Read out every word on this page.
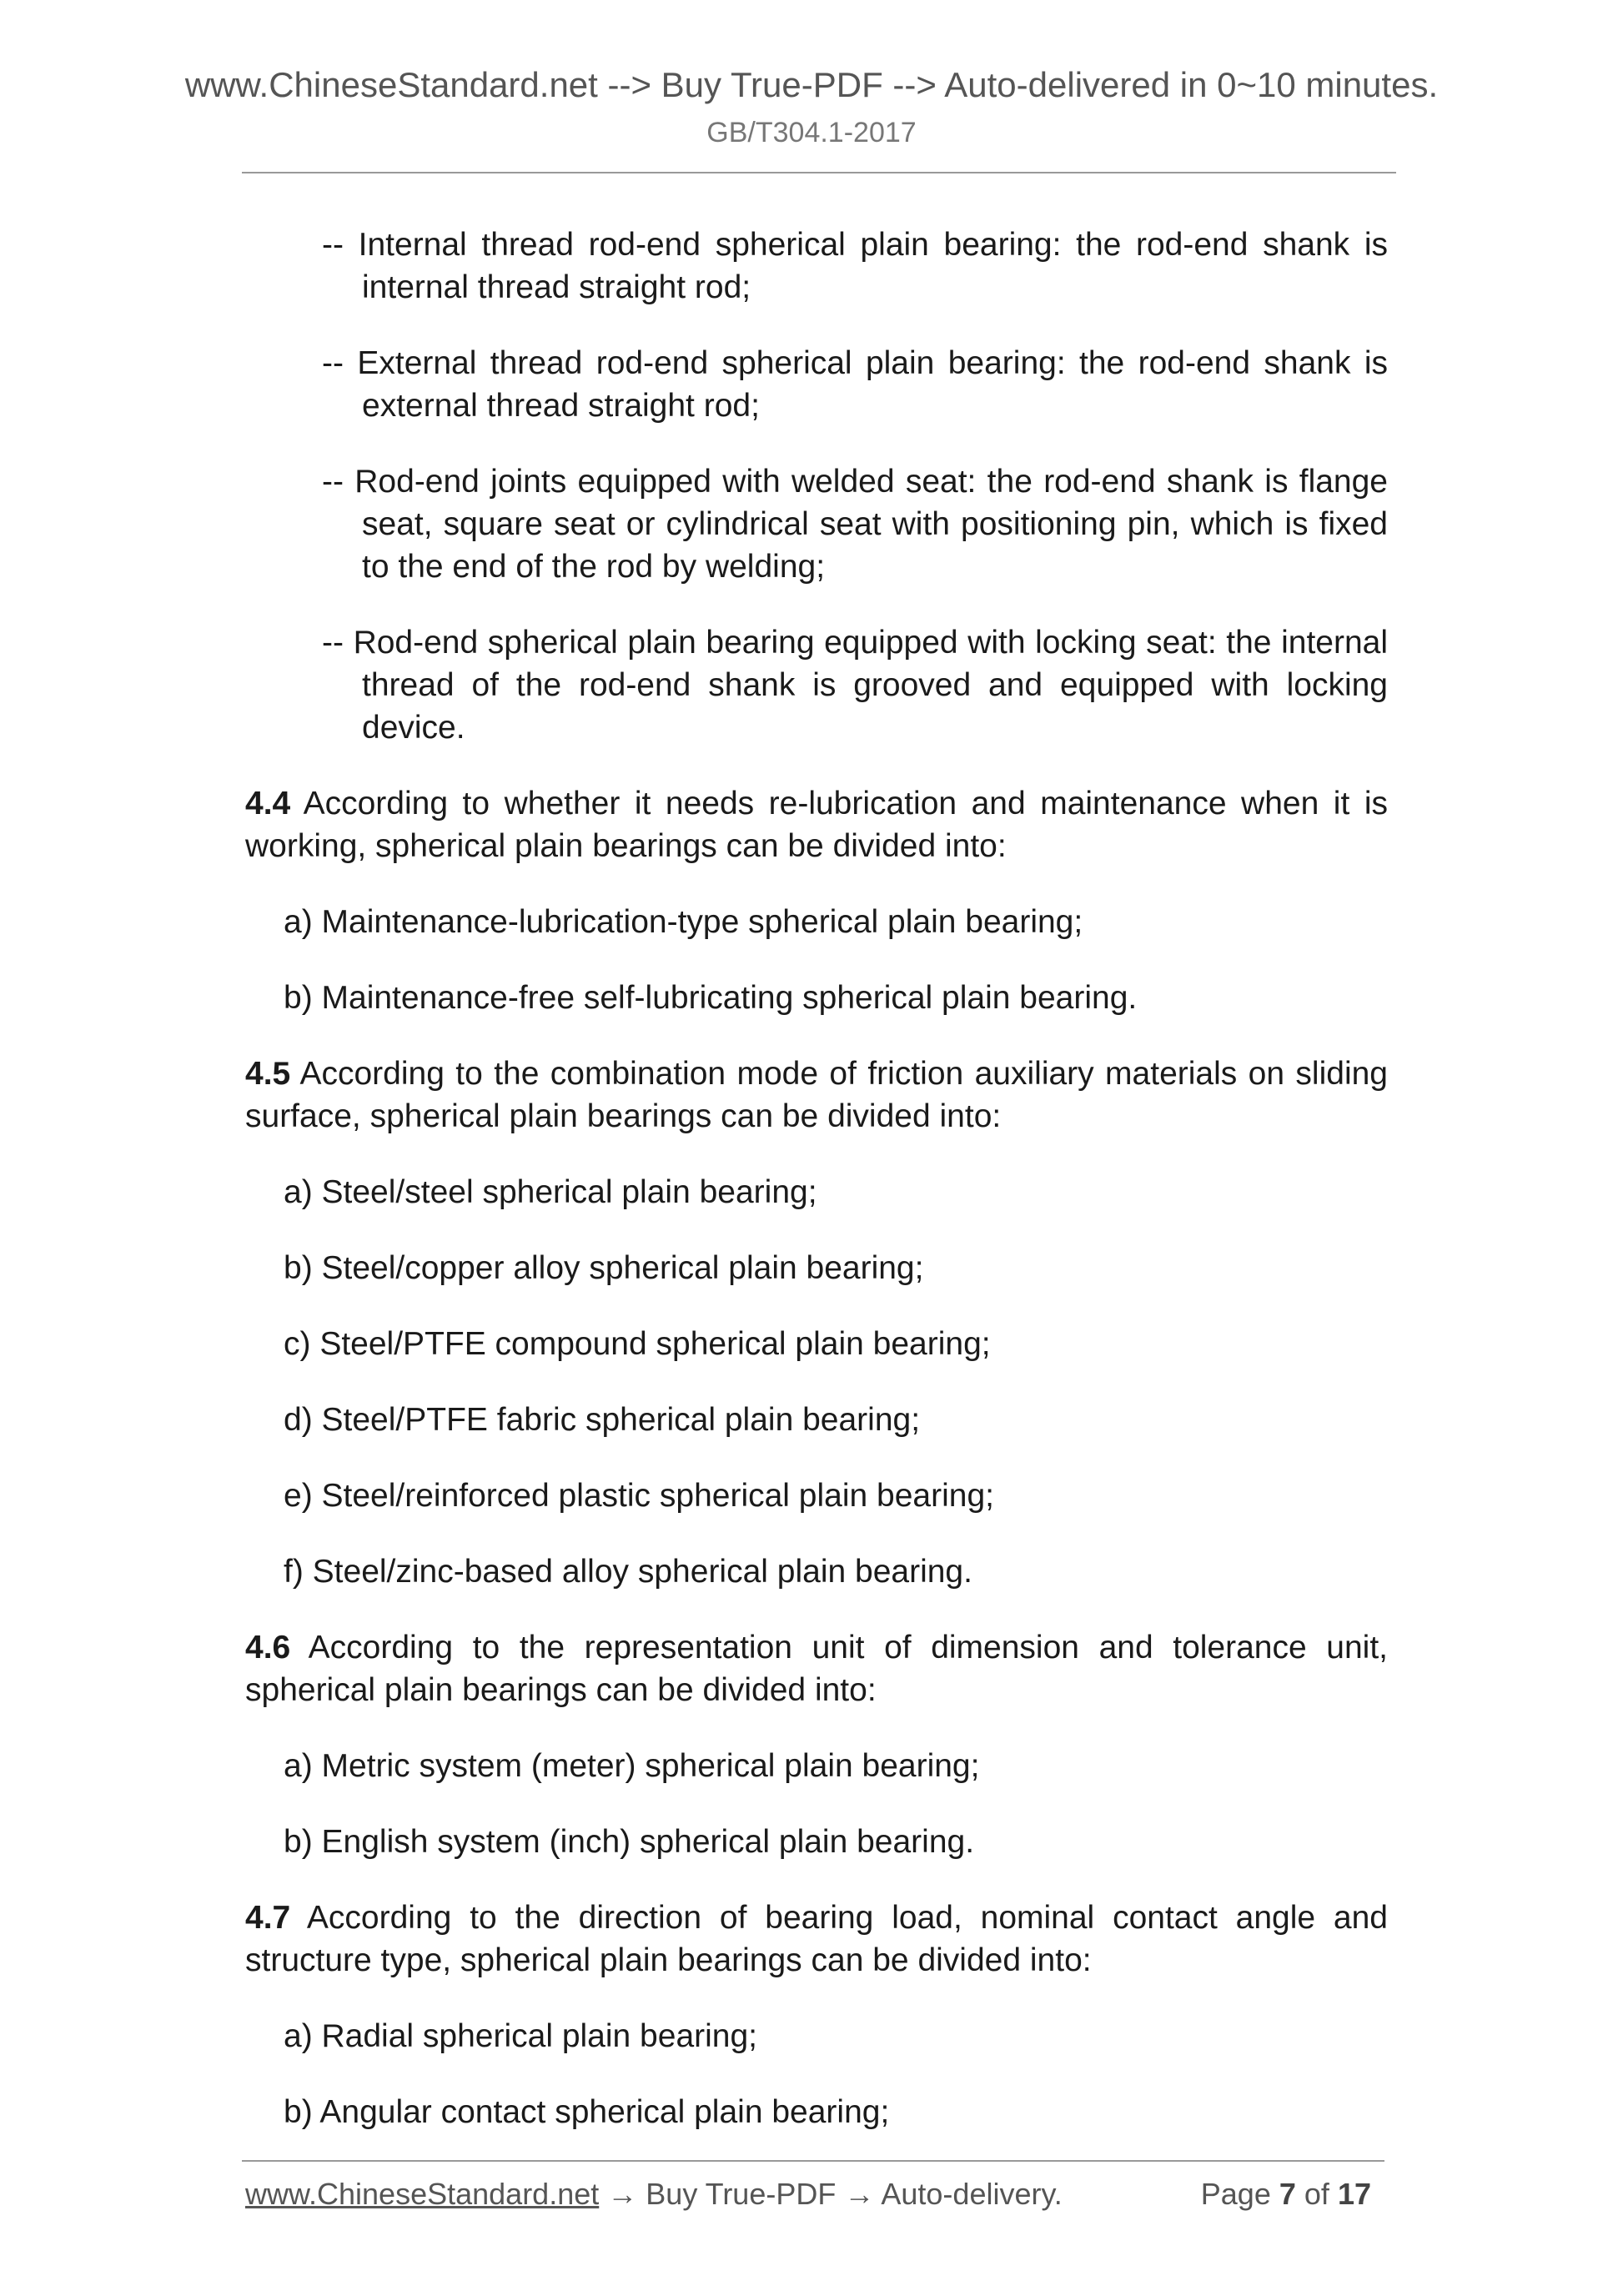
www.ChineseStandard.net --> Buy True-PDF --> Auto-delivered in 0~10 minutes.
GB/T304.1-2017
-- Internal thread rod-end spherical plain bearing: the rod-end shank is internal thread straight rod;
-- External thread rod-end spherical plain bearing: the rod-end shank is external thread straight rod;
-- Rod-end joints equipped with welded seat: the rod-end shank is flange seat, square seat or cylindrical seat with positioning pin, which is fixed to the end of the rod by welding;
-- Rod-end spherical plain bearing equipped with locking seat: the internal thread of the rod-end shank is grooved and equipped with locking device.
4.4 According to whether it needs re-lubrication and maintenance when it is working, spherical plain bearings can be divided into:
a) Maintenance-lubrication-type spherical plain bearing;
b) Maintenance-free self-lubricating spherical plain bearing.
4.5 According to the combination mode of friction auxiliary materials on sliding surface, spherical plain bearings can be divided into:
a) Steel/steel spherical plain bearing;
b) Steel/copper alloy spherical plain bearing;
c) Steel/PTFE compound spherical plain bearing;
d) Steel/PTFE fabric spherical plain bearing;
e) Steel/reinforced plastic spherical plain bearing;
f) Steel/zinc-based alloy spherical plain bearing.
4.6 According to the representation unit of dimension and tolerance unit, spherical plain bearings can be divided into:
a) Metric system (meter) spherical plain bearing;
b) English system (inch) spherical plain bearing.
4.7 According to the direction of bearing load, nominal contact angle and structure type, spherical plain bearings can be divided into:
a) Radial spherical plain bearing;
b) Angular contact spherical plain bearing;
www.ChineseStandard.net → Buy True-PDF → Auto-delivery.	Page 7 of 17
